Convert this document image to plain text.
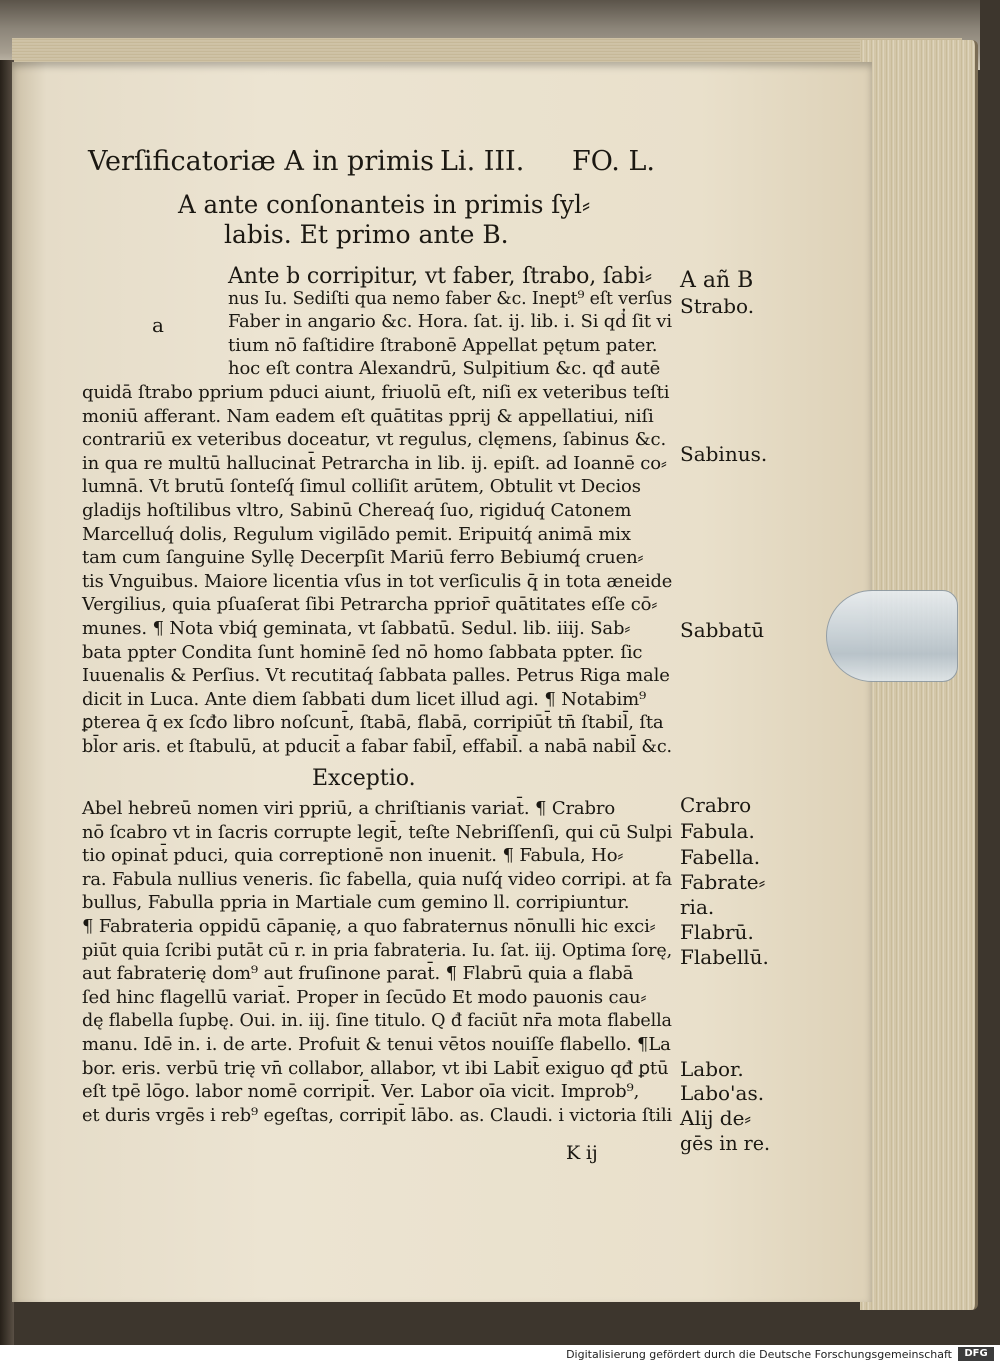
Verſificatoriæ A in primis Li. III. FO. L.
A ante conſonanteis in primis ſyl⸗
labis. Et primo ante B.
a
Ante b corripitur, vt faber, ſtrabo, ſabi⸗
nus Iu. Sediſti qua nemo faber &c. Inept⁹ eſt verſus
Faber in angario &c. Hora. ſat. ij. lib. i. Si qd̓ ſit vi
tium nō faſtidire ſtrabonē Appellat pętum pater.
hoc eſt contra Alexandrū, Sulpitium &c. qđ autē
quidā ſtrabo pprium pduci aiunt, friuolū eſt, niſi ex veteribus teſti
moniū afferant. Nam eadem eſt quātitas pprij & appellatiui, niſi
contrariū ex veteribus doceatur, vt regulus, clęmens, ſabinus &c.
in qua re multū hallucinat̄ Petrarcha in lib. ij. epiſt. ad Ioannē co⸗
lumnā. Vt brutū ſonteſq́ ſimul colliſit arūtem, Obtulit vt Decios
gladijs hoſtilibus vltro, Sabinū Chereaq́ ſuo, rigiduq́ Catonem
Marcelluq́ dolis, Regulum vigilādo pemit. Eripuitq́ animā mix
tam cum ſanguine Syllę Decerpſit Mariū ferro Bebiumq́ cruen⸗
tis Vnguibus. Maiore licentia vſus in tot verſiculis q̄ in tota æneide
Vergilius, quia pſuaſerat ſibi Petrarcha pprior̄ quātitates eſſe cō⸗
munes. ¶ Nota vbiq́ geminata, vt ſabbatū. Sedul. lib. iiij. Sab⸗
bata ppter Condita ſunt hominē ſed nō homo ſabbata ppter. ſic
Iuuenalis & Perſius. Vt recutitaq́ ſabbata palles. Petrus Riga male
dicit in Luca. Ante diem ſabbati dum licet illud agi. ¶ Notabim⁹
ꝑterea q̄ ex ſcđo libro noſcunt̄, ſtabā, flabā, corripiūt̄ tn̄ ſtabil̄, ſta
bl̄or aris. et ſtabulū, at pducit̄ a fabar fabil̄, effabil̄. a nabā nabil̄ &c.
Exceptio.
Abel hebreū nomen viri ppriū, a chriſtianis variat̄. ¶ Crabro
nō ſcabro vt in ſacris corrupte legit̄, teſte Nebriſſenſi, qui cū Sulpi
tio opinat̄ pduci, quia correptionē non inuenit. ¶ Fabula, Ho⸗
ra. Fabula nullius veneris. ſic fabella, quia nuſq́ video corripi. at fa
bullus, Fabulla ppria in Martiale cum gemino ll. corripiuntur.
¶ Fabrateria oppidū cāpanię, a quo fabraternus nōnulli hic exci⸗
piūt quia ſcribi putāt cū r. in pria fabrateria. Iu. ſat. iij. Optima ſorę,
aut fabraterię dom⁹ aut fruſinone parat̄. ¶ Flabrū quia a flabā
ſed hinc flagellū variat̄. Proper in ſecūdo Et modo pauonis cau⸗
dę flabella ſupbę. Oui. in. iij. ſine titulo. Q đ faciūt nr̄a mota flabella
manu. Idē in. i. de arte. Profuit & tenui vētos nouiſſe flabello. ¶La
bor. eris. verbū trię vn̄ collabor, allabor, vt ibi Labit̄ exiguo qđ ꝑtū
eſt tpē lōgo. labor nomē corripit̄. Ver. Labor oīa vicit. Improb⁹,
et duris vrgēs i reb⁹ egeſtas, corripit̄ lābo. as. Claudi. i victoria ſtili
A añ B
Strabo.
Sabinus.
Sabbatū
Crabro
Fabula.
Fabella.
Fabrate⸗
ria.
Flabrū.
Flabellū.
Labor.
Labo'as.
Alij de⸗
gēs in re.
K ij
Digitalisierung gefördert durch die Deutsche Forschungsgemeinschaft	DFG
